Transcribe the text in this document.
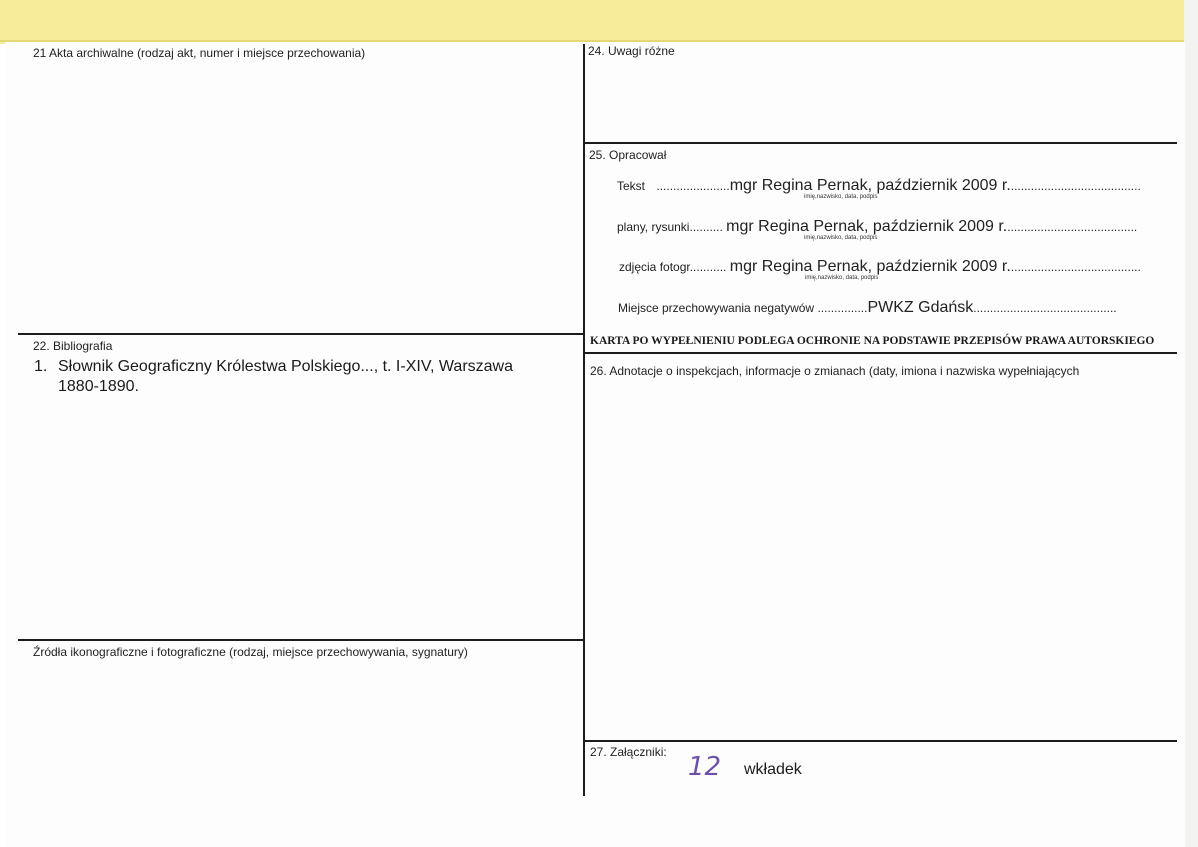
21 Akta archiwalne (rodzaj akt, numer i miejsce przechowania)
22. Bibliografia
1. Słownik Geograficzny Królestwa Polskiego..., t. I-XIV, Warszawa 1880-1890.
Źródła ikonograficzne i fotograficzne (rodzaj, miejsce przechowywania, sygnatury)
24. Uwagi różne
25. Opracował
Tekst ......................mgr Regina Pernak, październik 2009 r........................................
imię,nazwisko, data, podpis
plany, rysunki.......... mgr Regina Pernak, październik 2009 r........................................
imię,nazwisko, data, podpis
zdjęcia fotogr........... mgr Regina Pernak, październik 2009 r........................................
imię,nazwisko, data, podpis
Miejsce przechowywania negatywów ...............PWKZ Gdańsk...........................................
KARTA PO WYPEŁNIENIU PODLEGA OCHRONIE NA PODSTAWIE PRZEPISÓW PRAWA AUTORSKIEGO
26. Adnotacje o inspekcjach, informacje o zmianach (daty, imiona i nazwiska wypełniających
27. Załączniki: 12 wkładek
